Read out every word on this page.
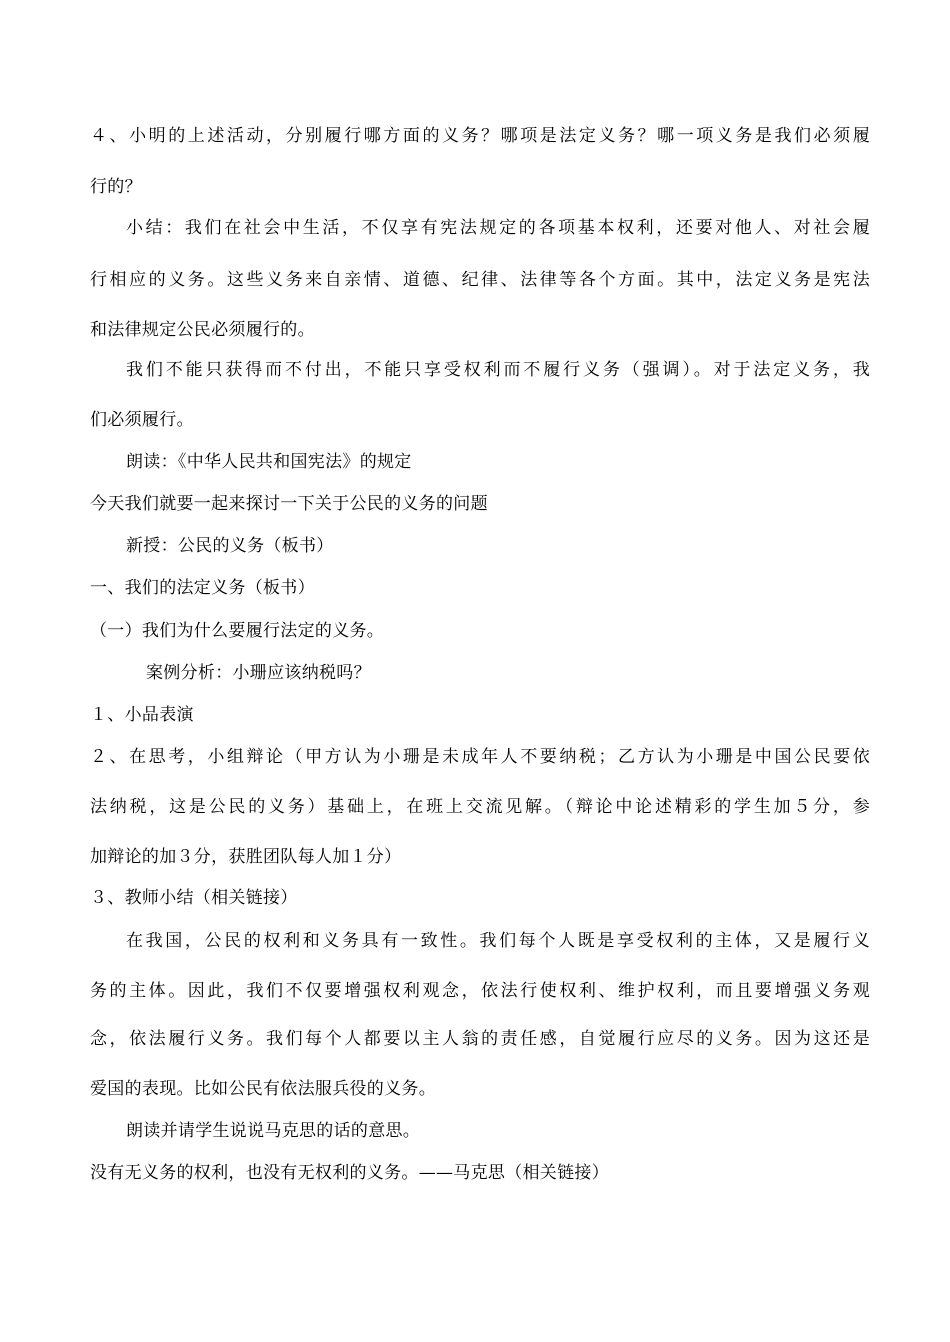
４、小明的上述活动，分别履行哪方面的义务？哪项是法定义务？哪一项义务是我们必须履
行的？
小结：我们在社会中生活，不仅享有宪法规定的各项基本权利，还要对他人、对社会履
行相应的义务。这些义务来自亲情、道德、纪律、法律等各个方面。其中，法定义务是宪法
和法律规定公民必须履行的。
我们不能只获得而不付出，不能只享受权利而不履行义务（强调）。对于法定义务，我
们必须履行。
朗读：《中华人民共和国宪法》的规定
今天我们就要一起来探讨一下关于公民的义务的问题
新授：公民的义务（板书）
一、我们的法定义务（板书）
（一）我们为什么要履行法定的义务。
案例分析：小珊应该纳税吗？
１、小品表演
２、在思考，小组辩论（甲方认为小珊是未成年人不要纳税；乙方认为小珊是中国公民要依
法纳税，这是公民的义务）基础上，在班上交流见解。（辩论中论述精彩的学生加５分，参
加辩论的加３分，获胜团队每人加１分）
３、教师小结（相关链接）
在我国，公民的权利和义务具有一致性。我们每个人既是享受权利的主体，又是履行义
务的主体。因此，我们不仅要增强权利观念，依法行使权利、维护权利，而且要增强义务观
念，依法履行义务。我们每个人都要以主人翁的责任感，自觉履行应尽的义务。因为这还是
爱国的表现。比如公民有依法服兵役的义务。
朗读并请学生说说马克思的话的意思。
没有无义务的权利，也没有无权利的义务。——马克思（相关链接）
